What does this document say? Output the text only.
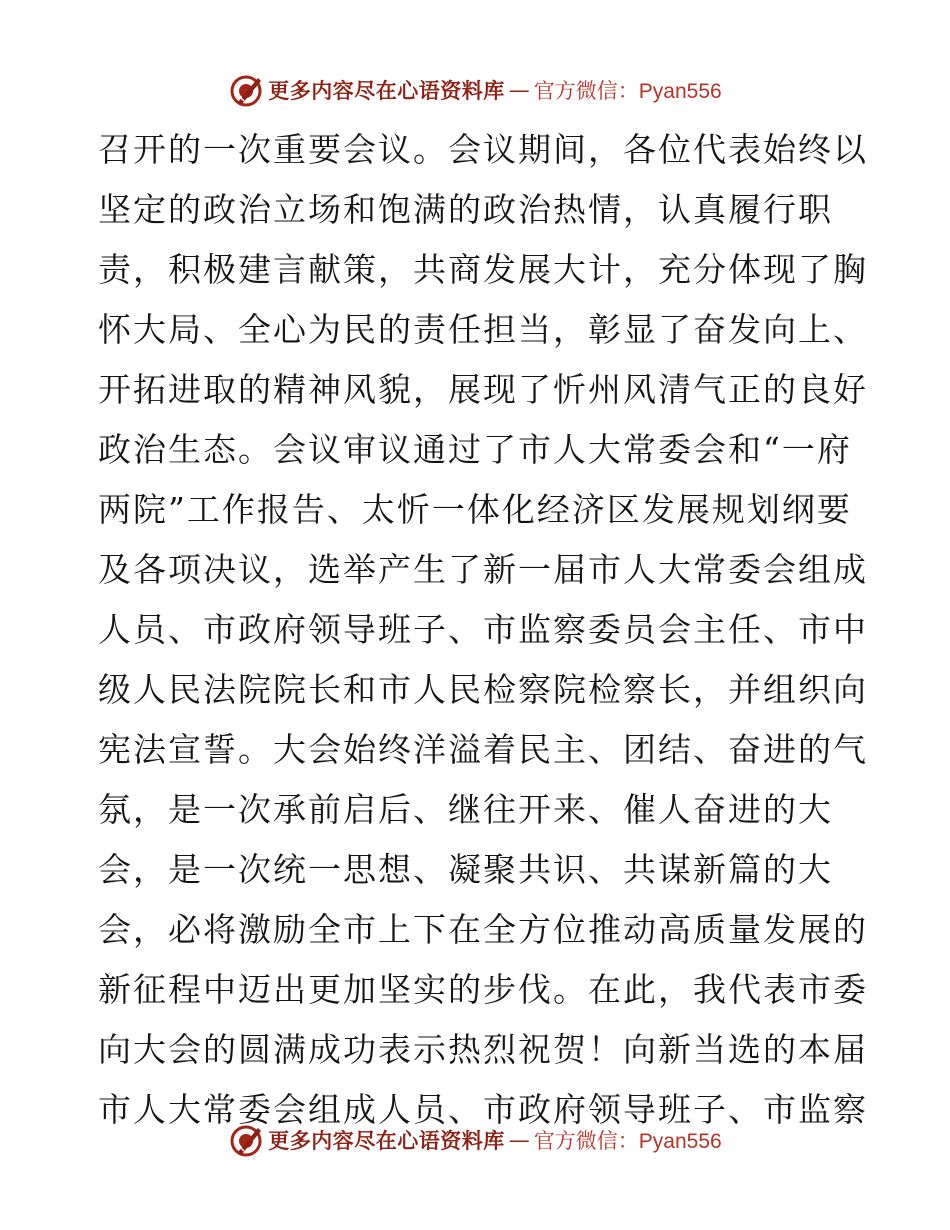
更多内容尽在心语资料库 — 官方微信：Pyan556
召开的一次重要会议。会议期间，各位代表始终以
坚定的政治立场和饱满的政治热情，认真履行职
责，积极建言献策，共商发展大计，充分体现了胸
怀大局、全心为民的责任担当，彰显了奋发向上、
开拓进取的精神风貌，展现了忻州风清气正的良好
政治生态。会议审议通过了市人大常委会和“一府
两院”工作报告、太忻一体化经济区发展规划纲要
及各项决议，选举产生了新一届市人大常委会组成
人员、市政府领导班子、市监察委员会主任、市中
级人民法院院长和市人民检察院检察长，并组织向
宪法宣誓。大会始终洋溢着民主、团结、奋进的气
氛，是一次承前启后、继往开来、催人奋进的大
会，是一次统一思想、凝聚共识、共谋新篇的大
会，必将激励全市上下在全方位推动高质量发展的
新征程中迈出更加坚实的步伐。在此，我代表市委
向大会的圆满成功表示热烈祝贺！向新当选的本届
市人大常委会组成人员、市政府领导班子、市监察
更多内容尽在心语资料库 — 官方微信：Pyan556
